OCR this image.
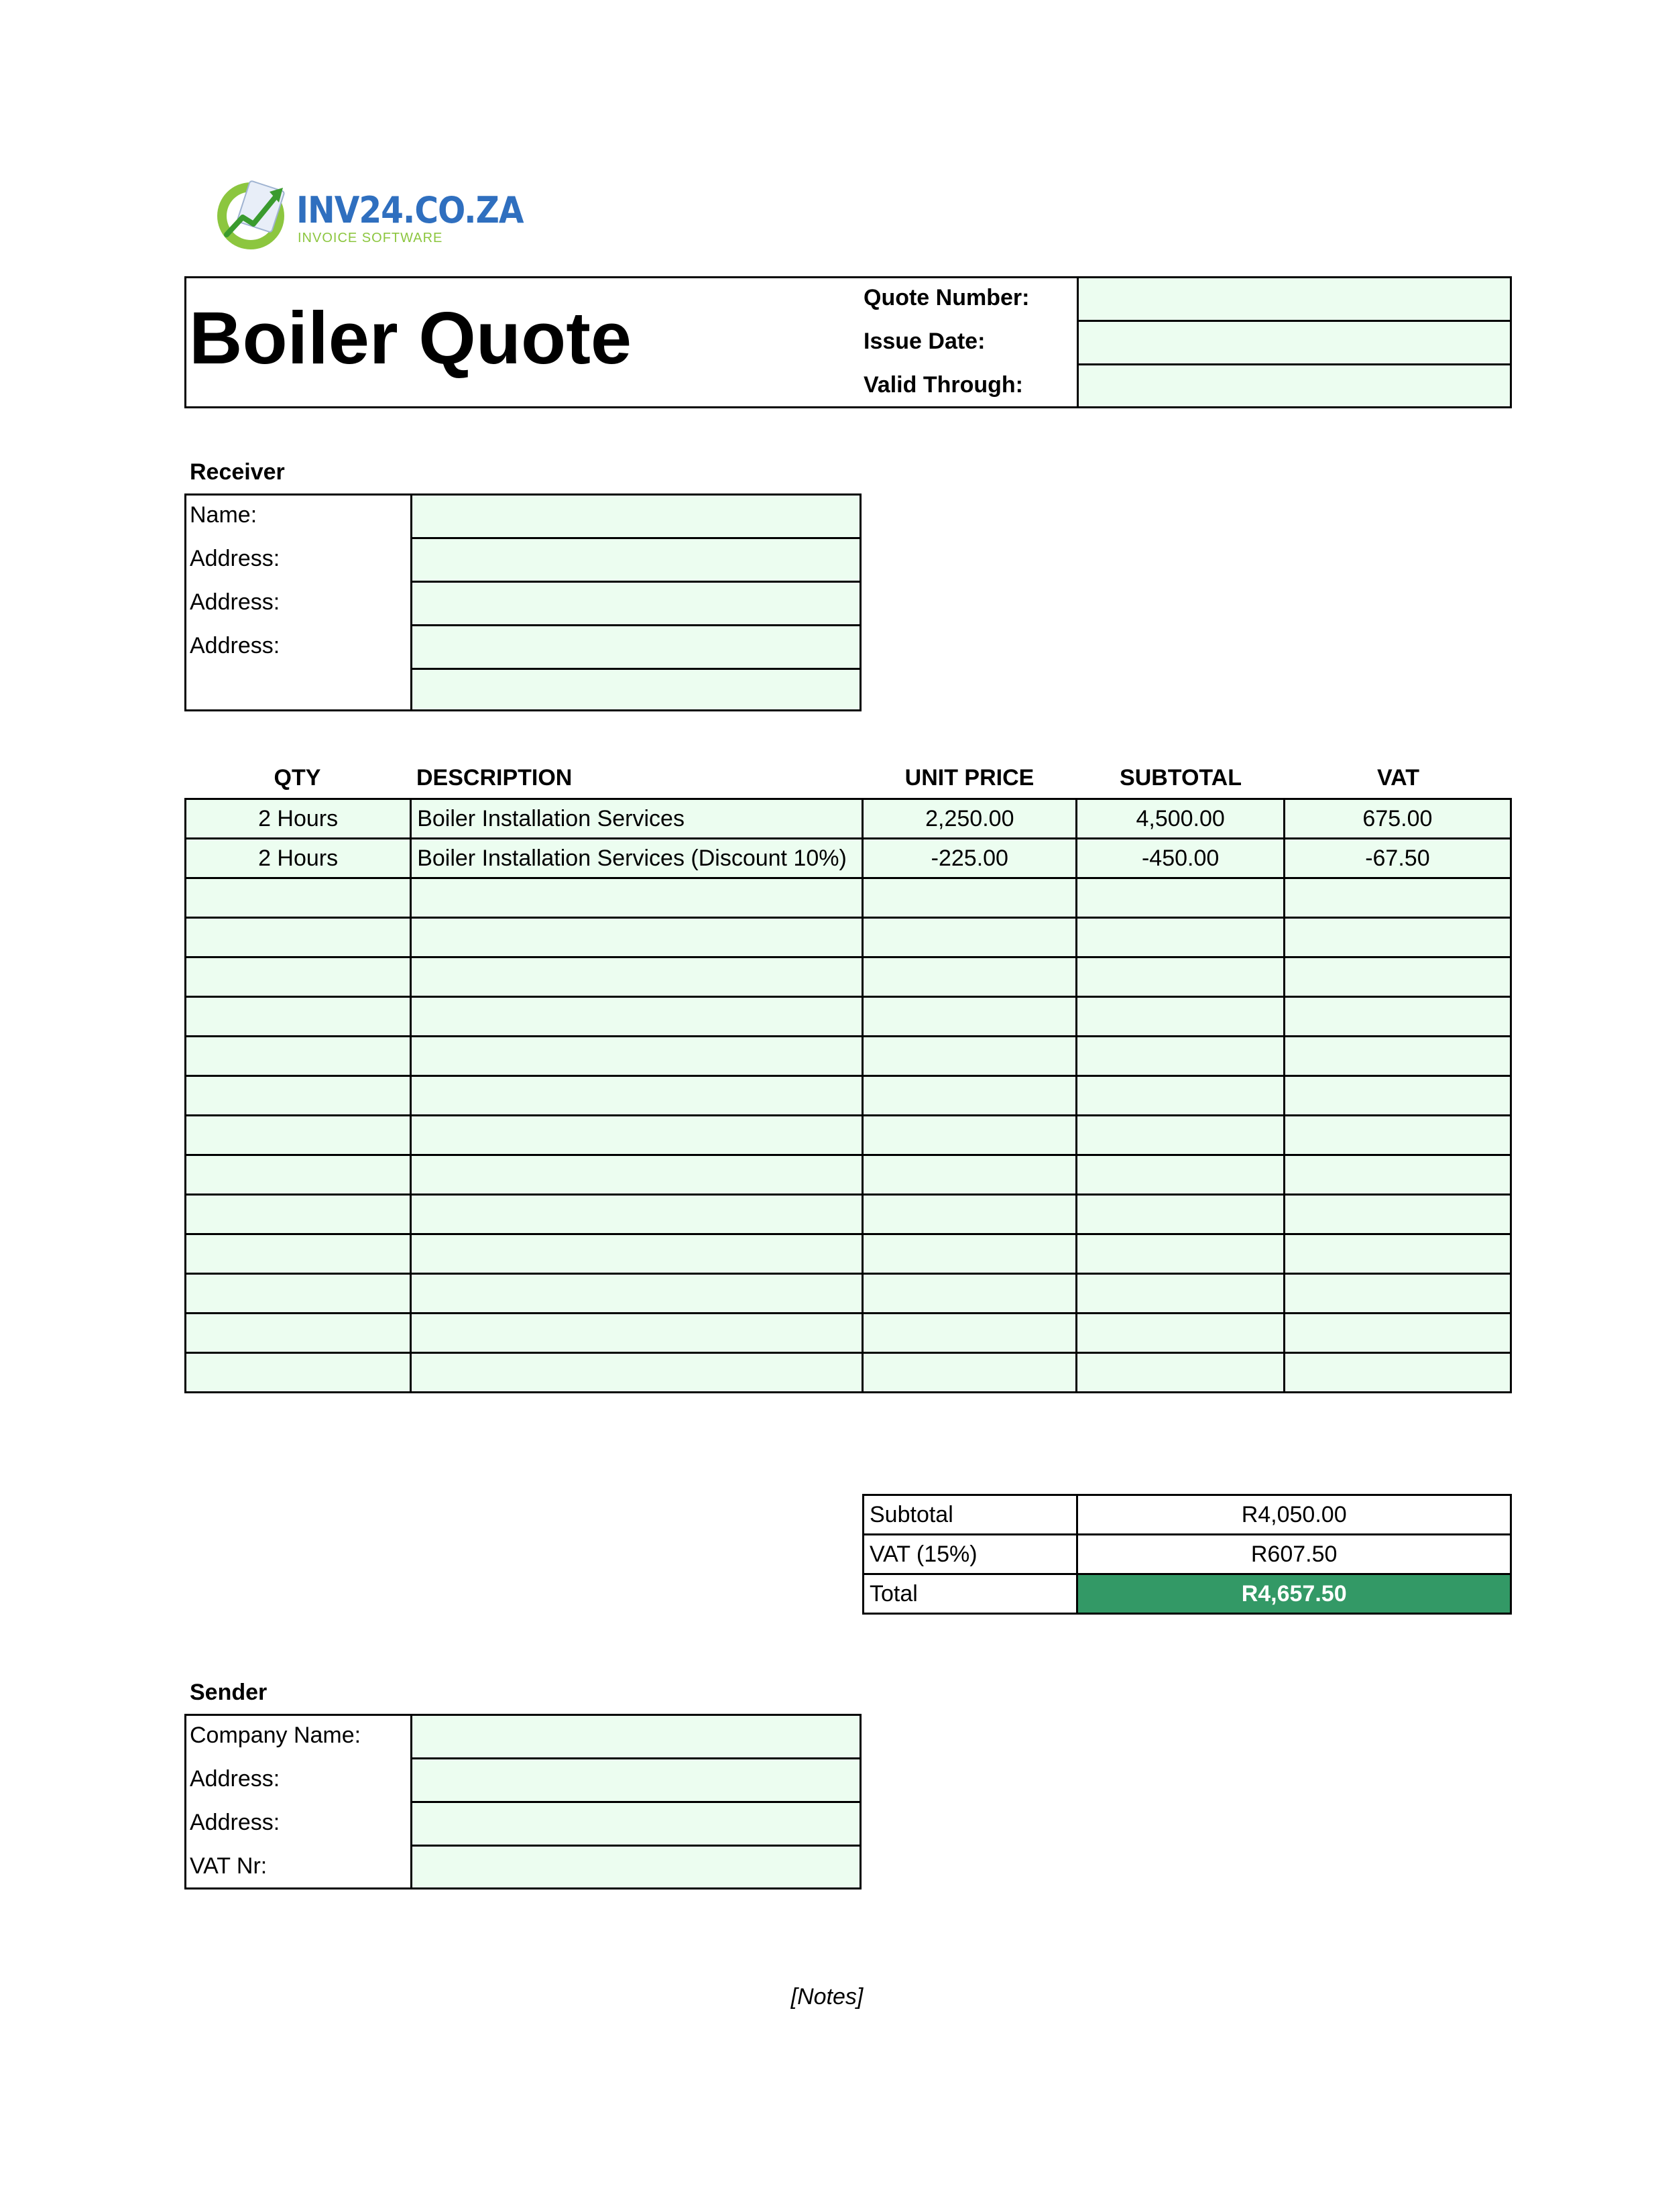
INV24.CO.ZA
INVOICE SOFTWARE
Boiler Quote	Quote Number:
Issue Date:
Valid Through:
Receiver
Name:
Address:
Address:
Address:
QTY	DESCRIPTION	UNIT PRICE	SUBTOTAL	VAT
2 Hours	Boiler Installation Services	2,250.00	4,500.00	675.00
2 Hours	Boiler Installation Services (Discount 10%)	-225.00	-450.00	-67.50

Subtotal	R4,050.00
VAT (15%)	R607.50
Total	R4,657.50
Sender
Company Name:
Address:
Address:
VAT Nr:
[Notes]
